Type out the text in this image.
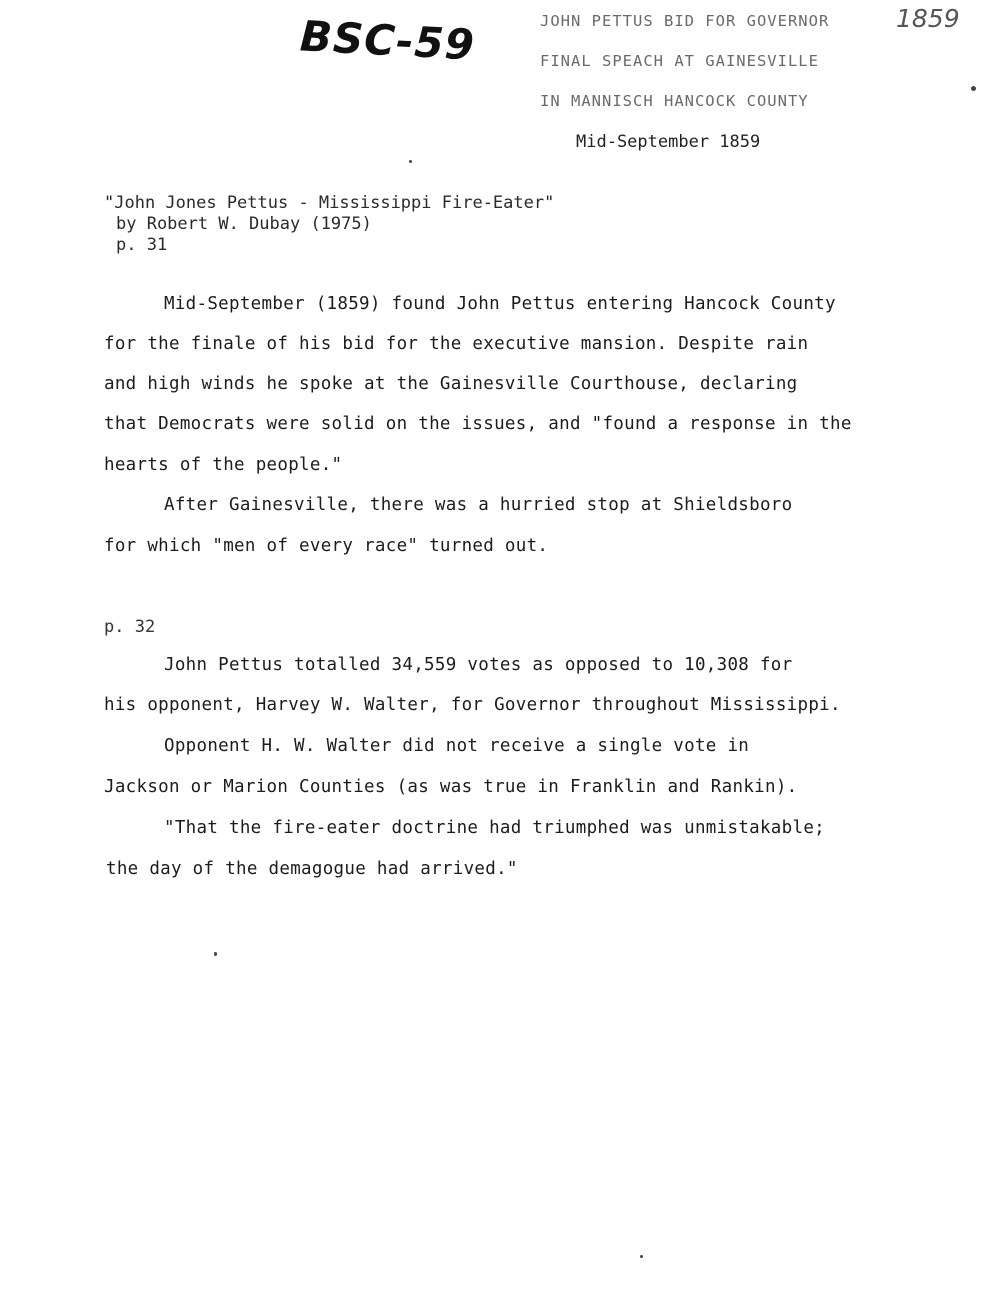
BSC-59	1859
JOHN PETTUS BID FOR GOVERNOR
FINAL SPEACH AT GAINESVILLE
IN MANNISCH HANCOCK COUNTY
Mid-September 1859
"John Jones Pettus - Mississippi Fire-Eater"
by Robert W. Dubay (1975)
p. 31
Mid-September (1859) found John Pettus entering Hancock County
for the finale of his bid for the executive mansion. Despite rain
and high winds he spoke at the Gainesville Courthouse, declaring
that Democrats were solid on the issues, and "found a response in the
hearts of the people."
After Gainesville, there was a hurried stop at Shieldsboro
for which "men of every race" turned out.
p. 32
John Pettus totalled 34,559 votes as opposed to 10,308 for
his opponent, Harvey W. Walter, for Governor throughout Mississippi.
Opponent H. W. Walter did not receive a single vote in
Jackson or Marion Counties (as was true in Franklin and Rankin).
"That the fire-eater doctrine had triumphed was unmistakable;
the day of the demagogue had arrived."
